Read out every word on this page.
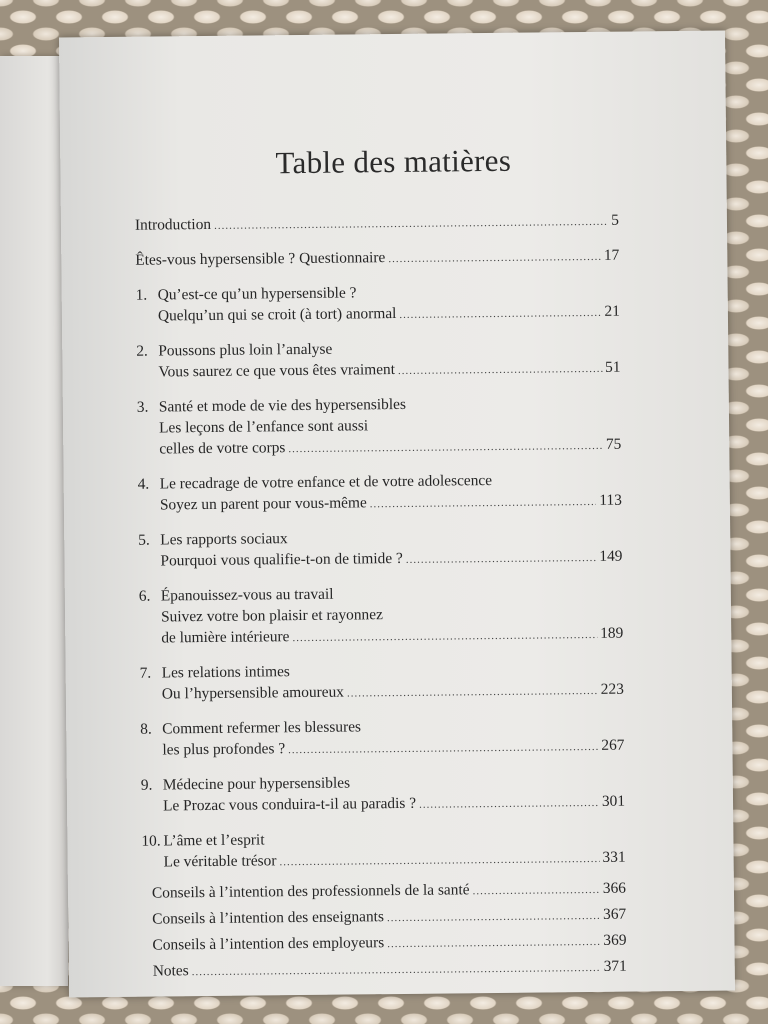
Table des matières
Introduction .....	5
Êtes-vous hypersensible ? Questionnaire .....	17
1. Qu’est-ce qu’un hypersensible ?
Quelqu’un qui se croit (à tort) anormal .....	21
2. Poussons plus loin l’analyse
Vous saurez ce que vous êtes vraiment .....	51
3. Santé et mode de vie des hypersensibles
Les leçons de l’enfance sont aussi
celles de votre corps .....	75
4. Le recadrage de votre enfance et de votre adolescence
Soyez un parent pour vous-même .....	113
5. Les rapports sociaux
Pourquoi vous qualifie-t-on de timide ? .....	149
6. Épanouissez-vous au travail
Suivez votre bon plaisir et rayonnez
de lumière intérieure .....	189
7. Les relations intimes
Ou l’hypersensible amoureux .....	223
8. Comment refermer les blessures
les plus profondes ? .....	267
9. Médecine pour hypersensibles
Le Prozac vous conduira-t-il au paradis ? .....	301
10. L’âme et l’esprit
Le véritable trésor .....	331
Conseils à l’intention des professionnels de la santé .....	366
Conseils à l’intention des enseignants .....	367
Conseils à l’intention des employeurs .....	369
Notes .....	371
